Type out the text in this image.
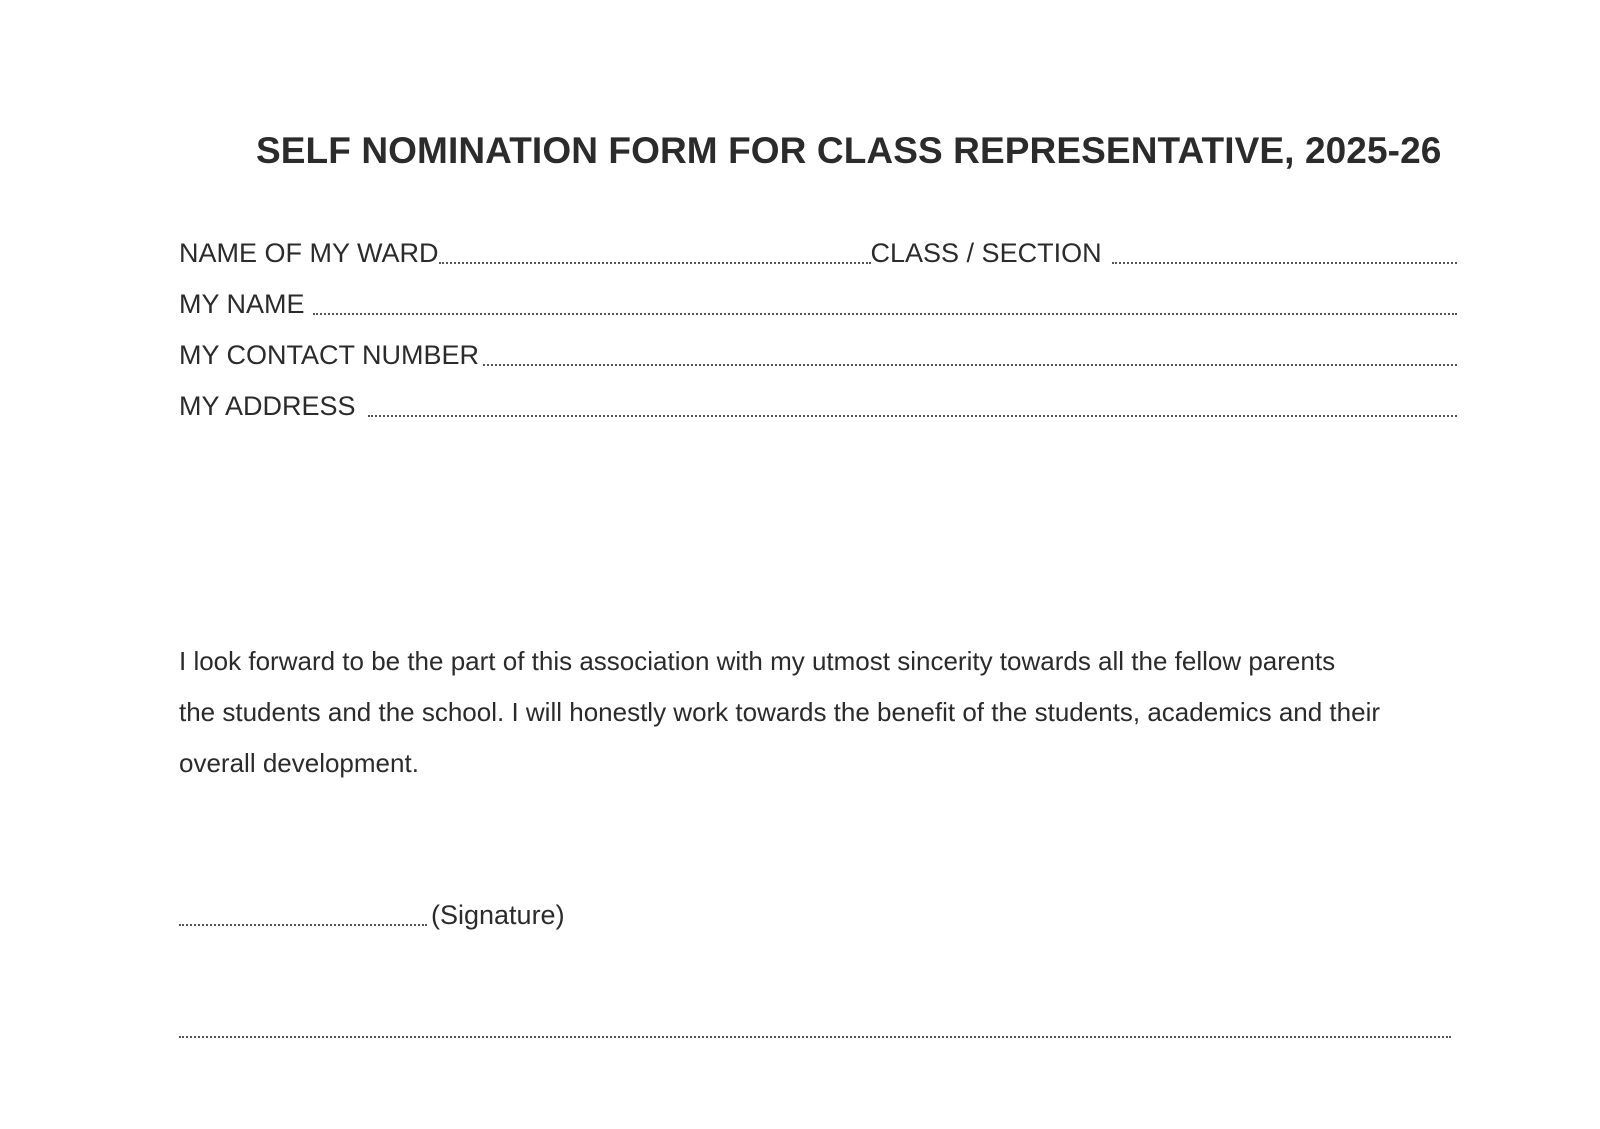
SELF NOMINATION FORM FOR CLASS REPRESENTATIVE, 2025-26
NAME OF MY WARD	CLASS / SECTION
MY NAME
MY CONTACT NUMBER
MY ADDRESS

I look forward to be the part of this association with my utmost sincerity towards all the fellow parents

the students and the school. I will honestly work towards the benefit of the students, academics and their

overall development.

(Signature)
